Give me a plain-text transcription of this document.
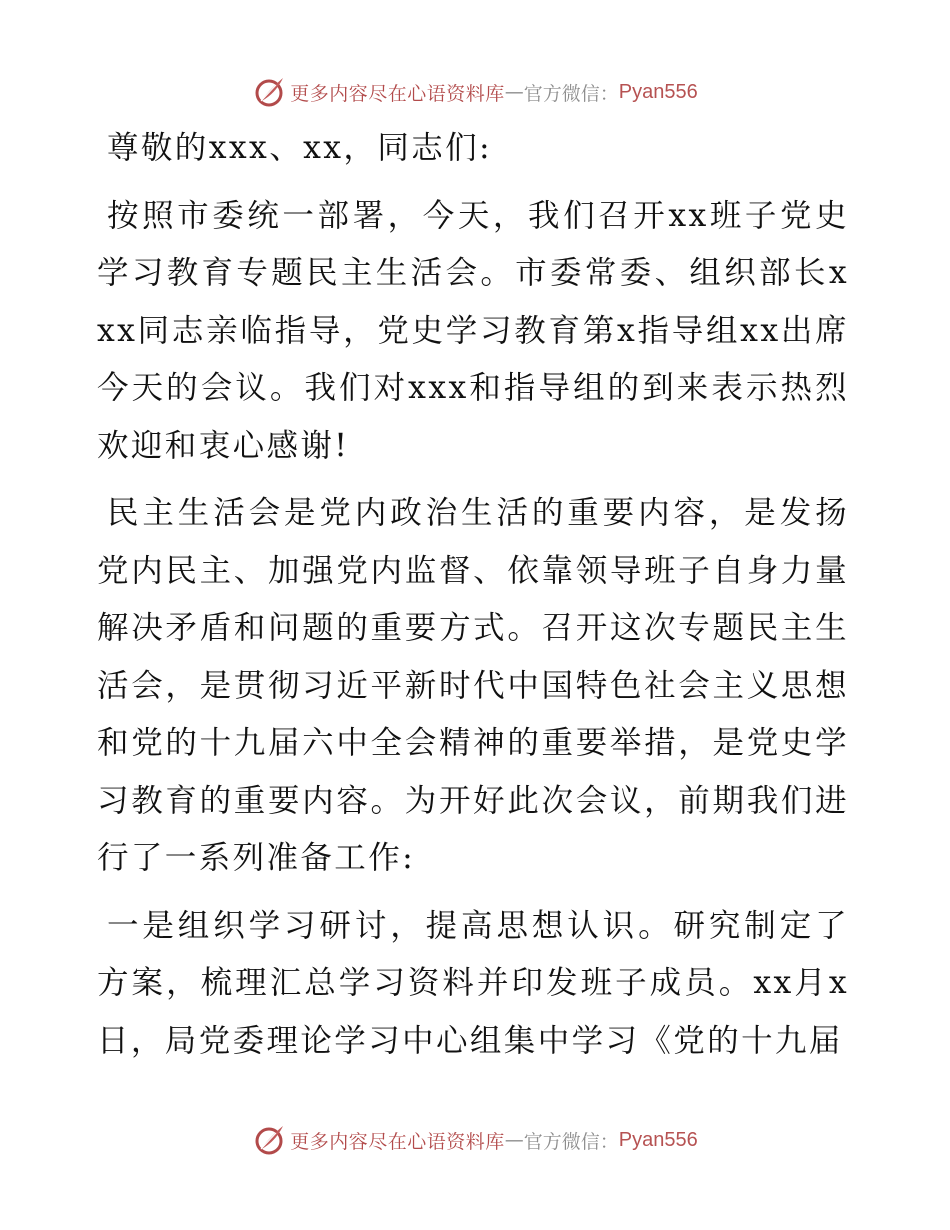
更多内容尽在心语资料库 — 官方微信： Pyan556

尊敬的xxx、xx，同志们:

按照市委统一部署，今天，我们召开xx班子党史学习教育专题民主生活会。市委常委、组织部长xxx同志亲临指导，党史学习教育第x指导组xx出席今天的会议。我们对xxx和指导组的到来表示热烈欢迎和衷心感谢!

民主生活会是党内政治生活的重要内容，是发扬党内民主、加强党内监督、依靠领导班子自身力量解决矛盾和问题的重要方式。召开这次专题民主生活会，是贯彻习近平新时代中国特色社会主义思想和党的十九届六中全会精神的重要举措，是党史学习教育的重要内容。为开好此次会议，前期我们进行了一系列准备工作:

一是组织学习研讨，提高思想认识。研究制定了方案，梳理汇总学习资料并印发班子成员。xx月x日，局党委理论学习中心组集中学习《党的十九届

更多内容尽在心语资料库 — 官方微信： Pyan556
